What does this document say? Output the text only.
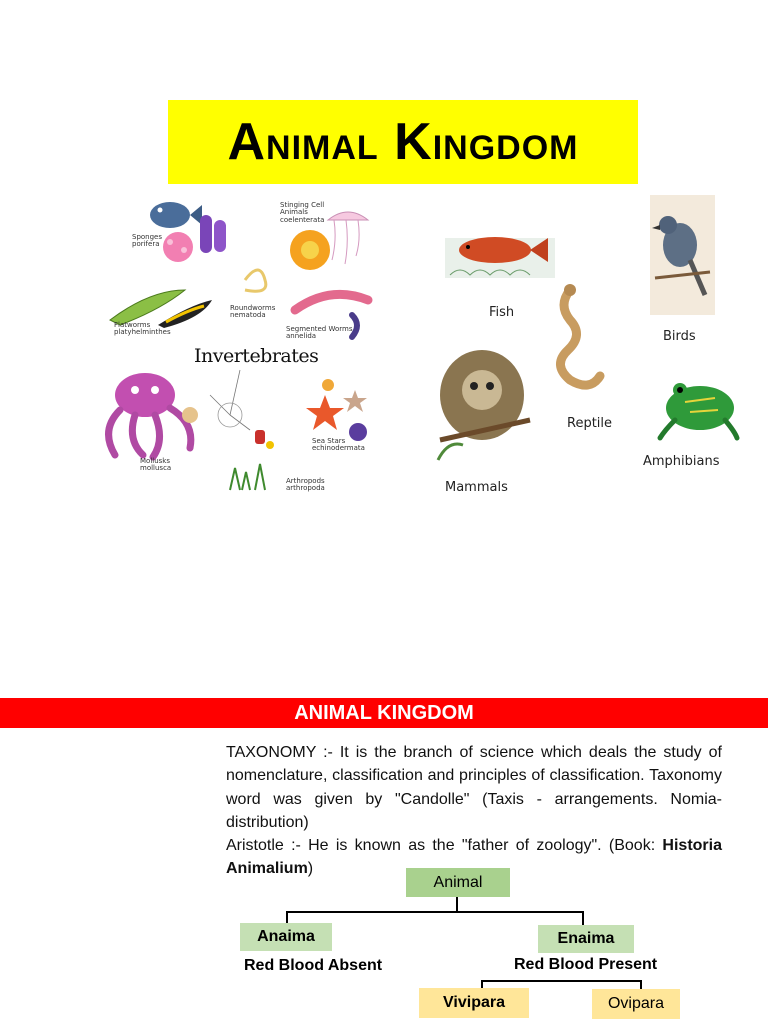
ANIMAL KINGDOM
Sponges
porifera
Stinging Cell Animals
coelenterata
Flatworms
platyhelminthes
Roundworms
nematoda
Segmented Worms
annelida
Invertebrates
Mollusks
mollusca
Sea Stars
echinodermata
Arthropods
arthropoda
Fish
Birds
Reptile
Mammals
Amphibians
ANIMAL KINGDOM

TAXONOMY :- It is the branch of science which deals the study of nomenclature, classification and principles of classification. Taxonomy word was given by "Candolle" (Taxis - arrangements. Nomia-distribution)

Aristotle :- He is known as the "father of zoology". (Book: Historia Animalium)

Animal
Anaima
Red Blood Absent
Enaima
Red Blood Present
Vivipara	Ovipara
